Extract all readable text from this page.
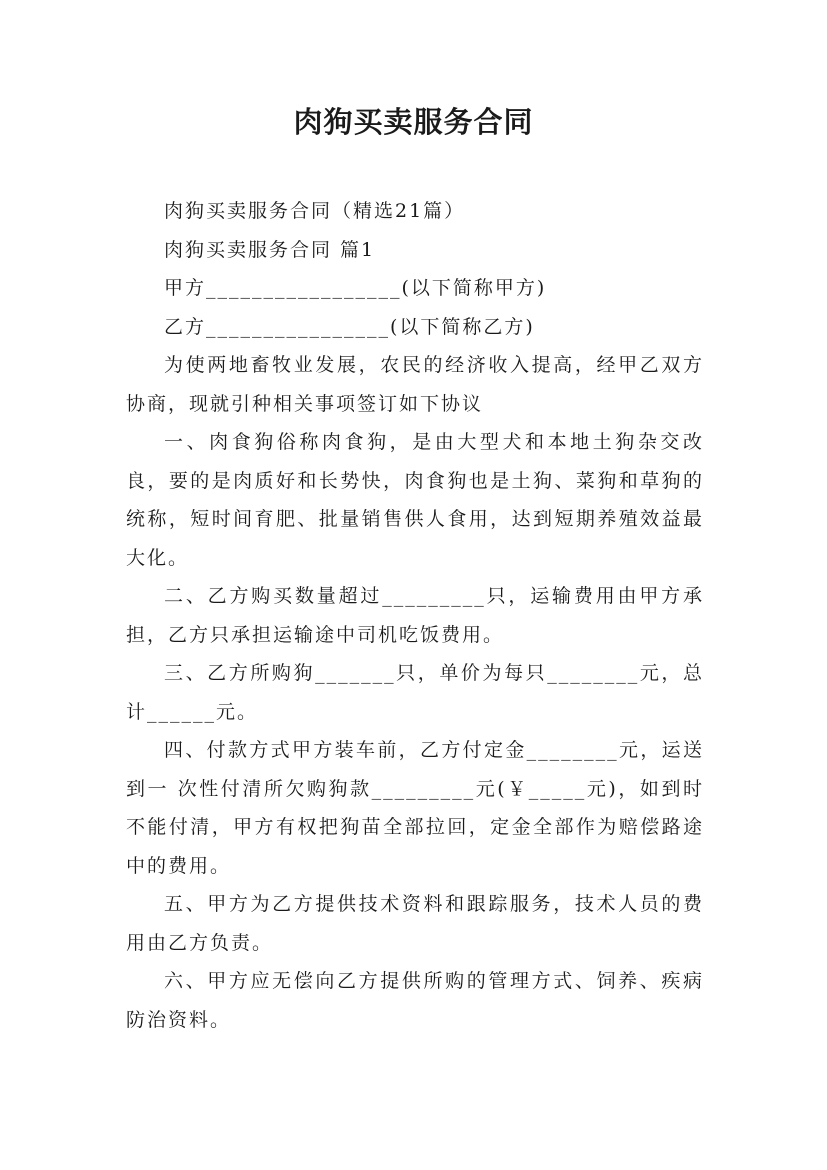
肉狗买卖服务合同

肉狗买卖服务合同（精选21篇）

肉狗买卖服务合同 篇1

甲方_________________(以下简称甲方)

乙方________________(以下简称乙方)

为使两地畜牧业发展，农民的经济收入提高，经甲乙双方协商，现就引种相关事项签订如下协议

一、肉食狗俗称肉食狗，是由大型犬和本地土狗杂交改良，要的是肉质好和长势快，肉食狗也是土狗、菜狗和草狗的统称，短时间育肥、批量销售供人食用，达到短期养殖效益最大化。

二、乙方购买数量超过_________只，运输费用由甲方承担，乙方只承担运输途中司机吃饭费用。

三、乙方所购狗_______只，单价为每只________元，总计______元。

四、付款方式甲方装车前，乙方付定金________元，运送到一 次性付清所欠购狗款_________元(￥_____元)，如到时不能付清，甲方有权把狗苗全部拉回，定金全部作为赔偿路途中的费用。

五、甲方为乙方提供技术资料和跟踪服务，技术人员的费用由乙方负责。

六、甲方应无偿向乙方提供所购的管理方式、饲养、疾病防治资料。
